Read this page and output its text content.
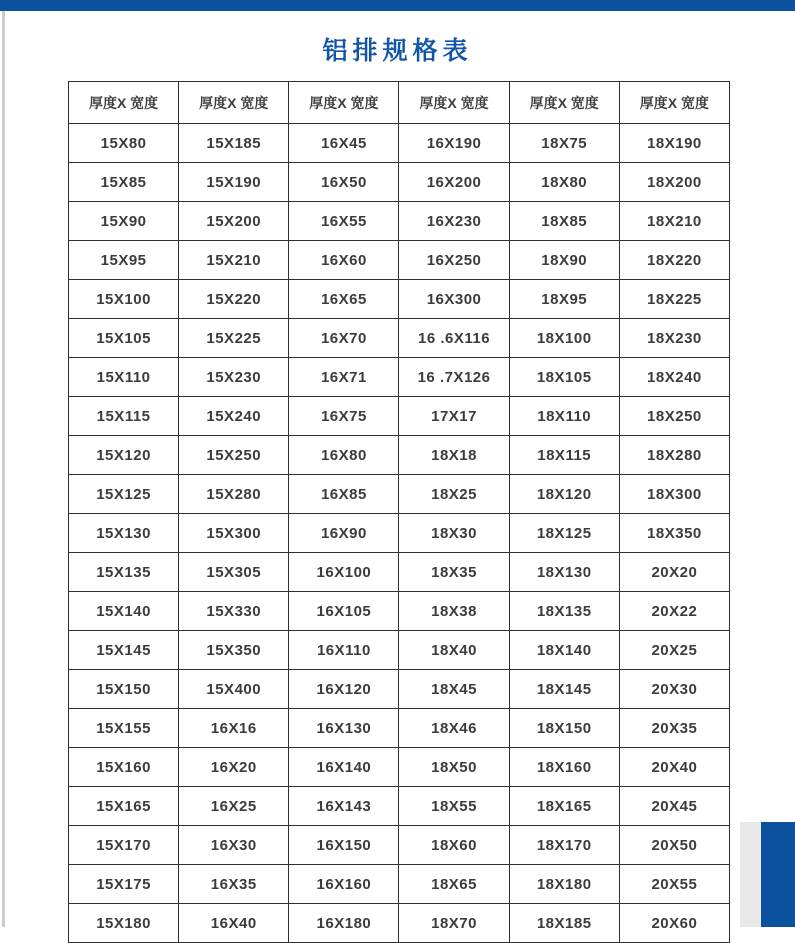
铝排规格表
厚度X 宽度	厚度X 宽度	厚度X 宽度	厚度X 宽度	厚度X 宽度	厚度X 宽度
15X80	15X185	16X45	16X190	18X75	18X190
15X85	15X190	16X50	16X200	18X80	18X200
15X90	15X200	16X55	16X230	18X85	18X210
15X95	15X210	16X60	16X250	18X90	18X220
15X100	15X220	16X65	16X300	18X95	18X225
15X105	15X225	16X70	16 .6X116	18X100	18X230
15X110	15X230	16X71	16 .7X126	18X105	18X240
15X115	15X240	16X75	17X17	18X110	18X250
15X120	15X250	16X80	18X18	18X115	18X280
15X125	15X280	16X85	18X25	18X120	18X300
15X130	15X300	16X90	18X30	18X125	18X350
15X135	15X305	16X100	18X35	18X130	20X20
15X140	15X330	16X105	18X38	18X135	20X22
15X145	15X350	16X110	18X40	18X140	20X25
15X150	15X400	16X120	18X45	18X145	20X30
15X155	16X16	16X130	18X46	18X150	20X35
15X160	16X20	16X140	18X50	18X160	20X40
15X165	16X25	16X143	18X55	18X165	20X45
15X170	16X30	16X150	18X60	18X170	20X50
15X175	16X35	16X160	18X65	18X180	20X55
15X180	16X40	16X180	18X70	18X185	20X60
